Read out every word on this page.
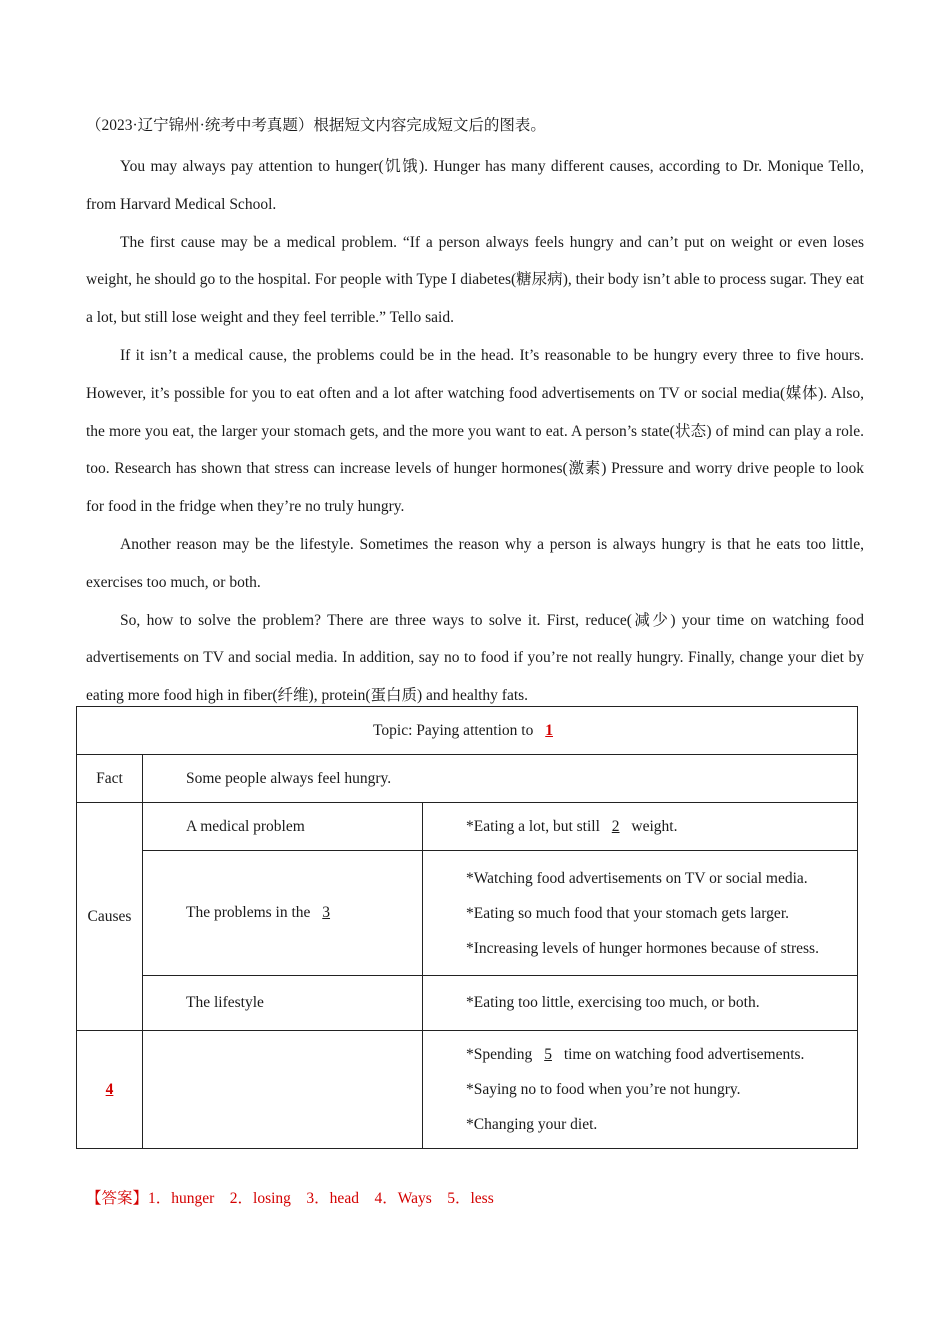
（2023·辽宁锦州·统考中考真题）根据短文内容完成短文后的图表。

You may always pay attention to hunger(饥饿). Hunger has many different causes, according to Dr. Monique Tello, from Harvard Medical School.

The first cause may be a medical problem. “If a person always feels hungry and can’t put on weight or even loses weight, he should go to the hospital. For people with Type I diabetes(糖尿病), their body isn’t able to process sugar. They eat a lot, but still lose weight and they feel terrible.” Tello said.

If it isn’t a medical cause, the problems could be in the head. It’s reasonable to be hungry every three to five hours. However, it’s possible for you to eat often and a lot after watching food advertisements on TV or social media(媒体). Also, the more you eat, the larger your stomach gets, and the more you want to eat. A person’s state(状态) of mind can play a role. too. Research has shown that stress can increase levels of hunger hormones(激素) Pressure and worry drive people to look for food in the fridge when they’re no truly hungry.

Another reason may be the lifestyle. Sometimes the reason why a person is always hungry is that he eats too little, exercises too much, or both.

So, how to solve the problem? There are three ways to solve it. First, reduce(减少) your time on watching food advertisements on TV and social media. In addition, say no to food if you’re not really hungry. Finally, change your diet by eating more food high in fiber(纤维), protein(蛋白质) and healthy fats.

Topic: Paying attention to 1		
Fact	Some people always feel hungry.	
Causes	A medical problem	*Eating a lot, but still 2 weight.
	The problems in the 3	*Watching food advertisements on TV or social media.
*Eating so much food that your stomach gets larger.
*Increasing levels of hunger hormones because of stress.

	The lifestyle	*Eating too little, exercising too much, or both.
4		*Spending 5 time on watching food advertisements.
*Saying no to food when you’re not hungry.
*Changing your diet.
【答案】1．hunger    2．losing    3．head    4．Ways    5．less
